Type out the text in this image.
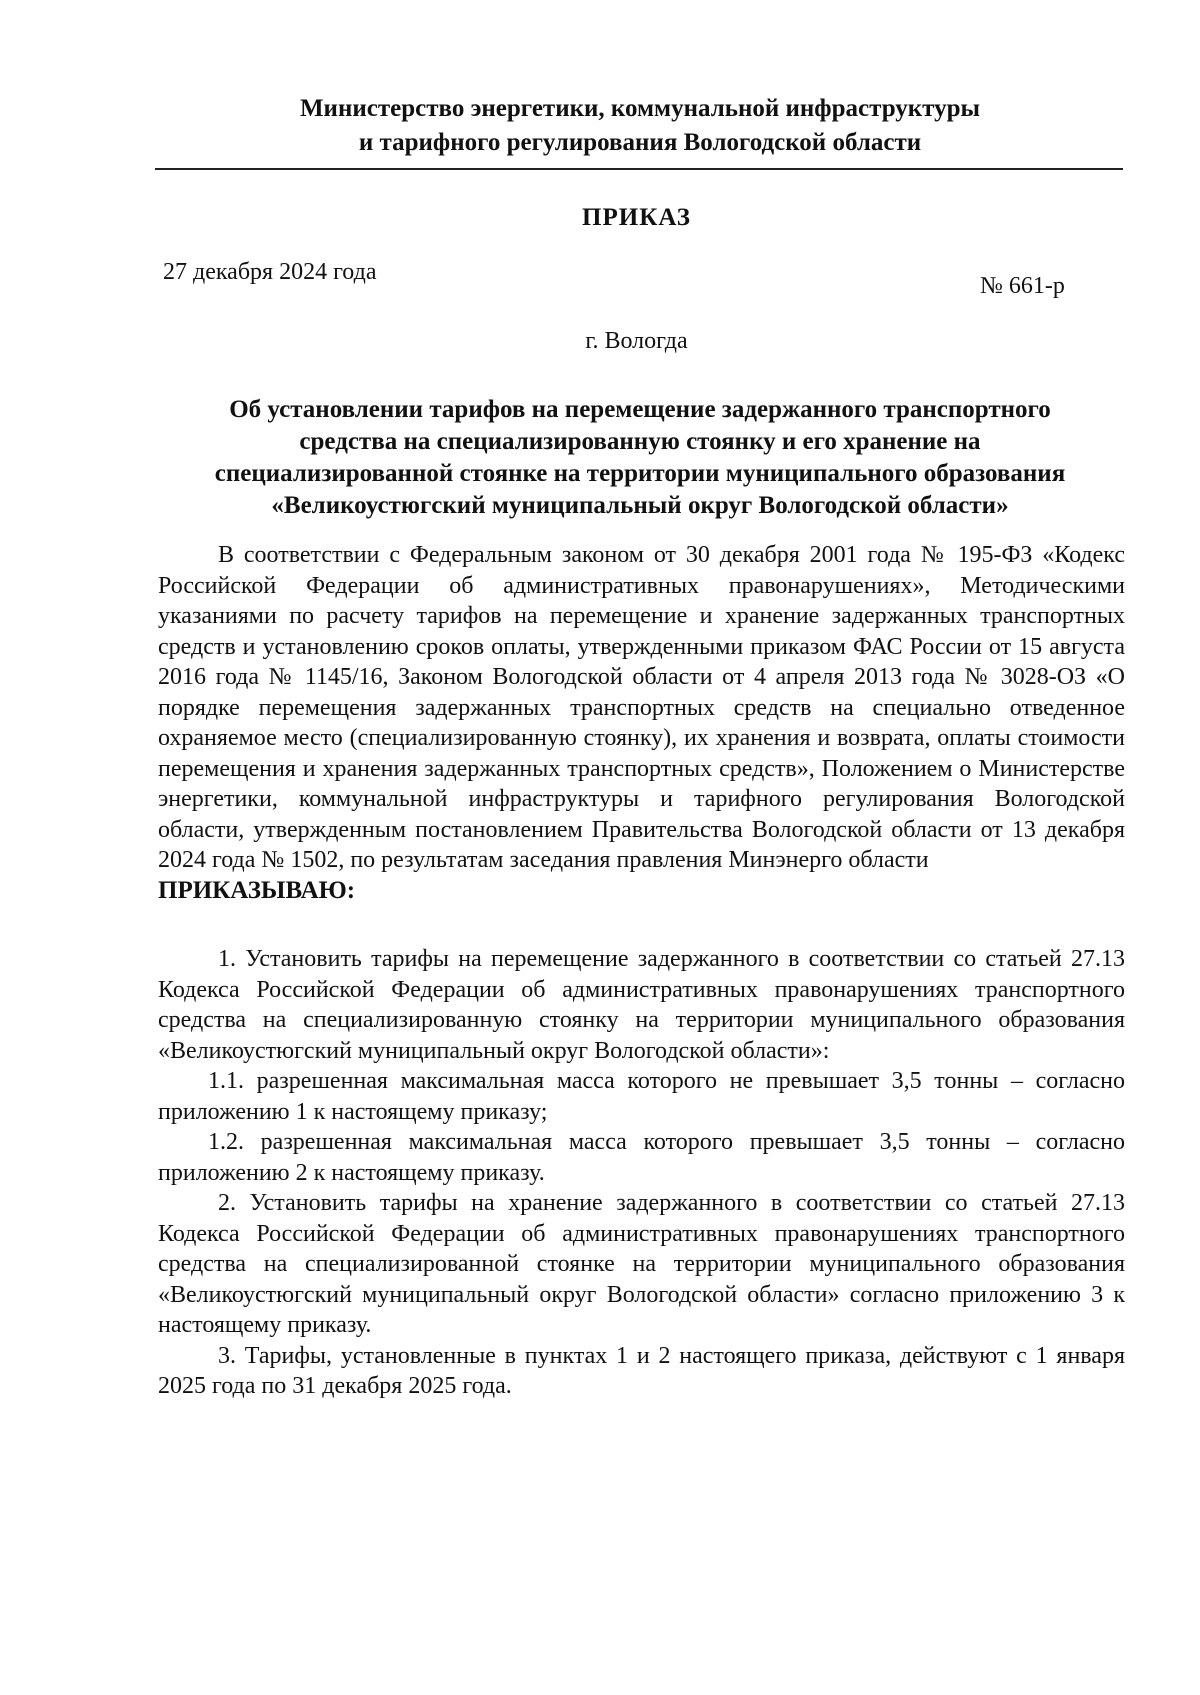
Министерство энергетики, коммунальной инфраструктуры
и тарифного регулирования Вологодской области
ПРИКАЗ
27 декабря 2024 года
№ 661-р
г. Вологда
Об установлении тарифов на перемещение задержанного транспортного
средства на специализированную стоянку и его хранение на
специализированной стоянке на территории муниципального образования
«Великоустюгский муниципальный округ Вологодской области»

В соответствии с Федеральным законом от 30 декабря 2001 года № 195-ФЗ «Кодекс Российской Федерации об административных правонарушениях», Методическими указаниями по расчету тарифов на перемещение и хранение задержанных транспортных средств и установлению сроков оплаты, утвержденными приказом ФАС России от 15 августа 2016 года № 1145/16, Законом Вологодской области от 4 апреля 2013 года № 3028-ОЗ «О порядке перемещения задержанных транспортных средств на специально отведенное охраняемое место (специализированную стоянку), их хранения и возврата, оплаты стоимости перемещения и хранения задержанных транспортных средств», Положением о Министерстве энергетики, коммунальной инфраструктуры и тарифного регулирования Вологодской области, утвержденным постановлением Правительства Вологодской области от 13 декабря 2024 года № 1502, по результатам заседания правления Минэнерго области

ПРИКАЗЫВАЮ:

1. Установить тарифы на перемещение задержанного в соответствии со статьей 27.13 Кодекса Российской Федерации об административных правонарушениях транспортного средства на специализированную стоянку на территории муниципального образования «Великоустюгский муниципальный округ Вологодской области»:

1.1. разрешенная максимальная масса которого не превышает 3,5 тонны – согласно приложению 1 к настоящему приказу;

1.2. разрешенная максимальная масса которого превышает 3,5 тонны – согласно приложению 2 к настоящему приказу.

2. Установить тарифы на хранение задержанного в соответствии со статьей 27.13 Кодекса Российской Федерации об административных правонарушениях транспортного средства на специализированной стоянке на территории муниципального образования «Великоустюгский муниципальный округ Вологодской области» согласно приложению 3 к настоящему приказу.

3. Тарифы, установленные в пунктах 1 и 2 настоящего приказа, действуют с 1 января 2025 года по 31 декабря 2025 года.
